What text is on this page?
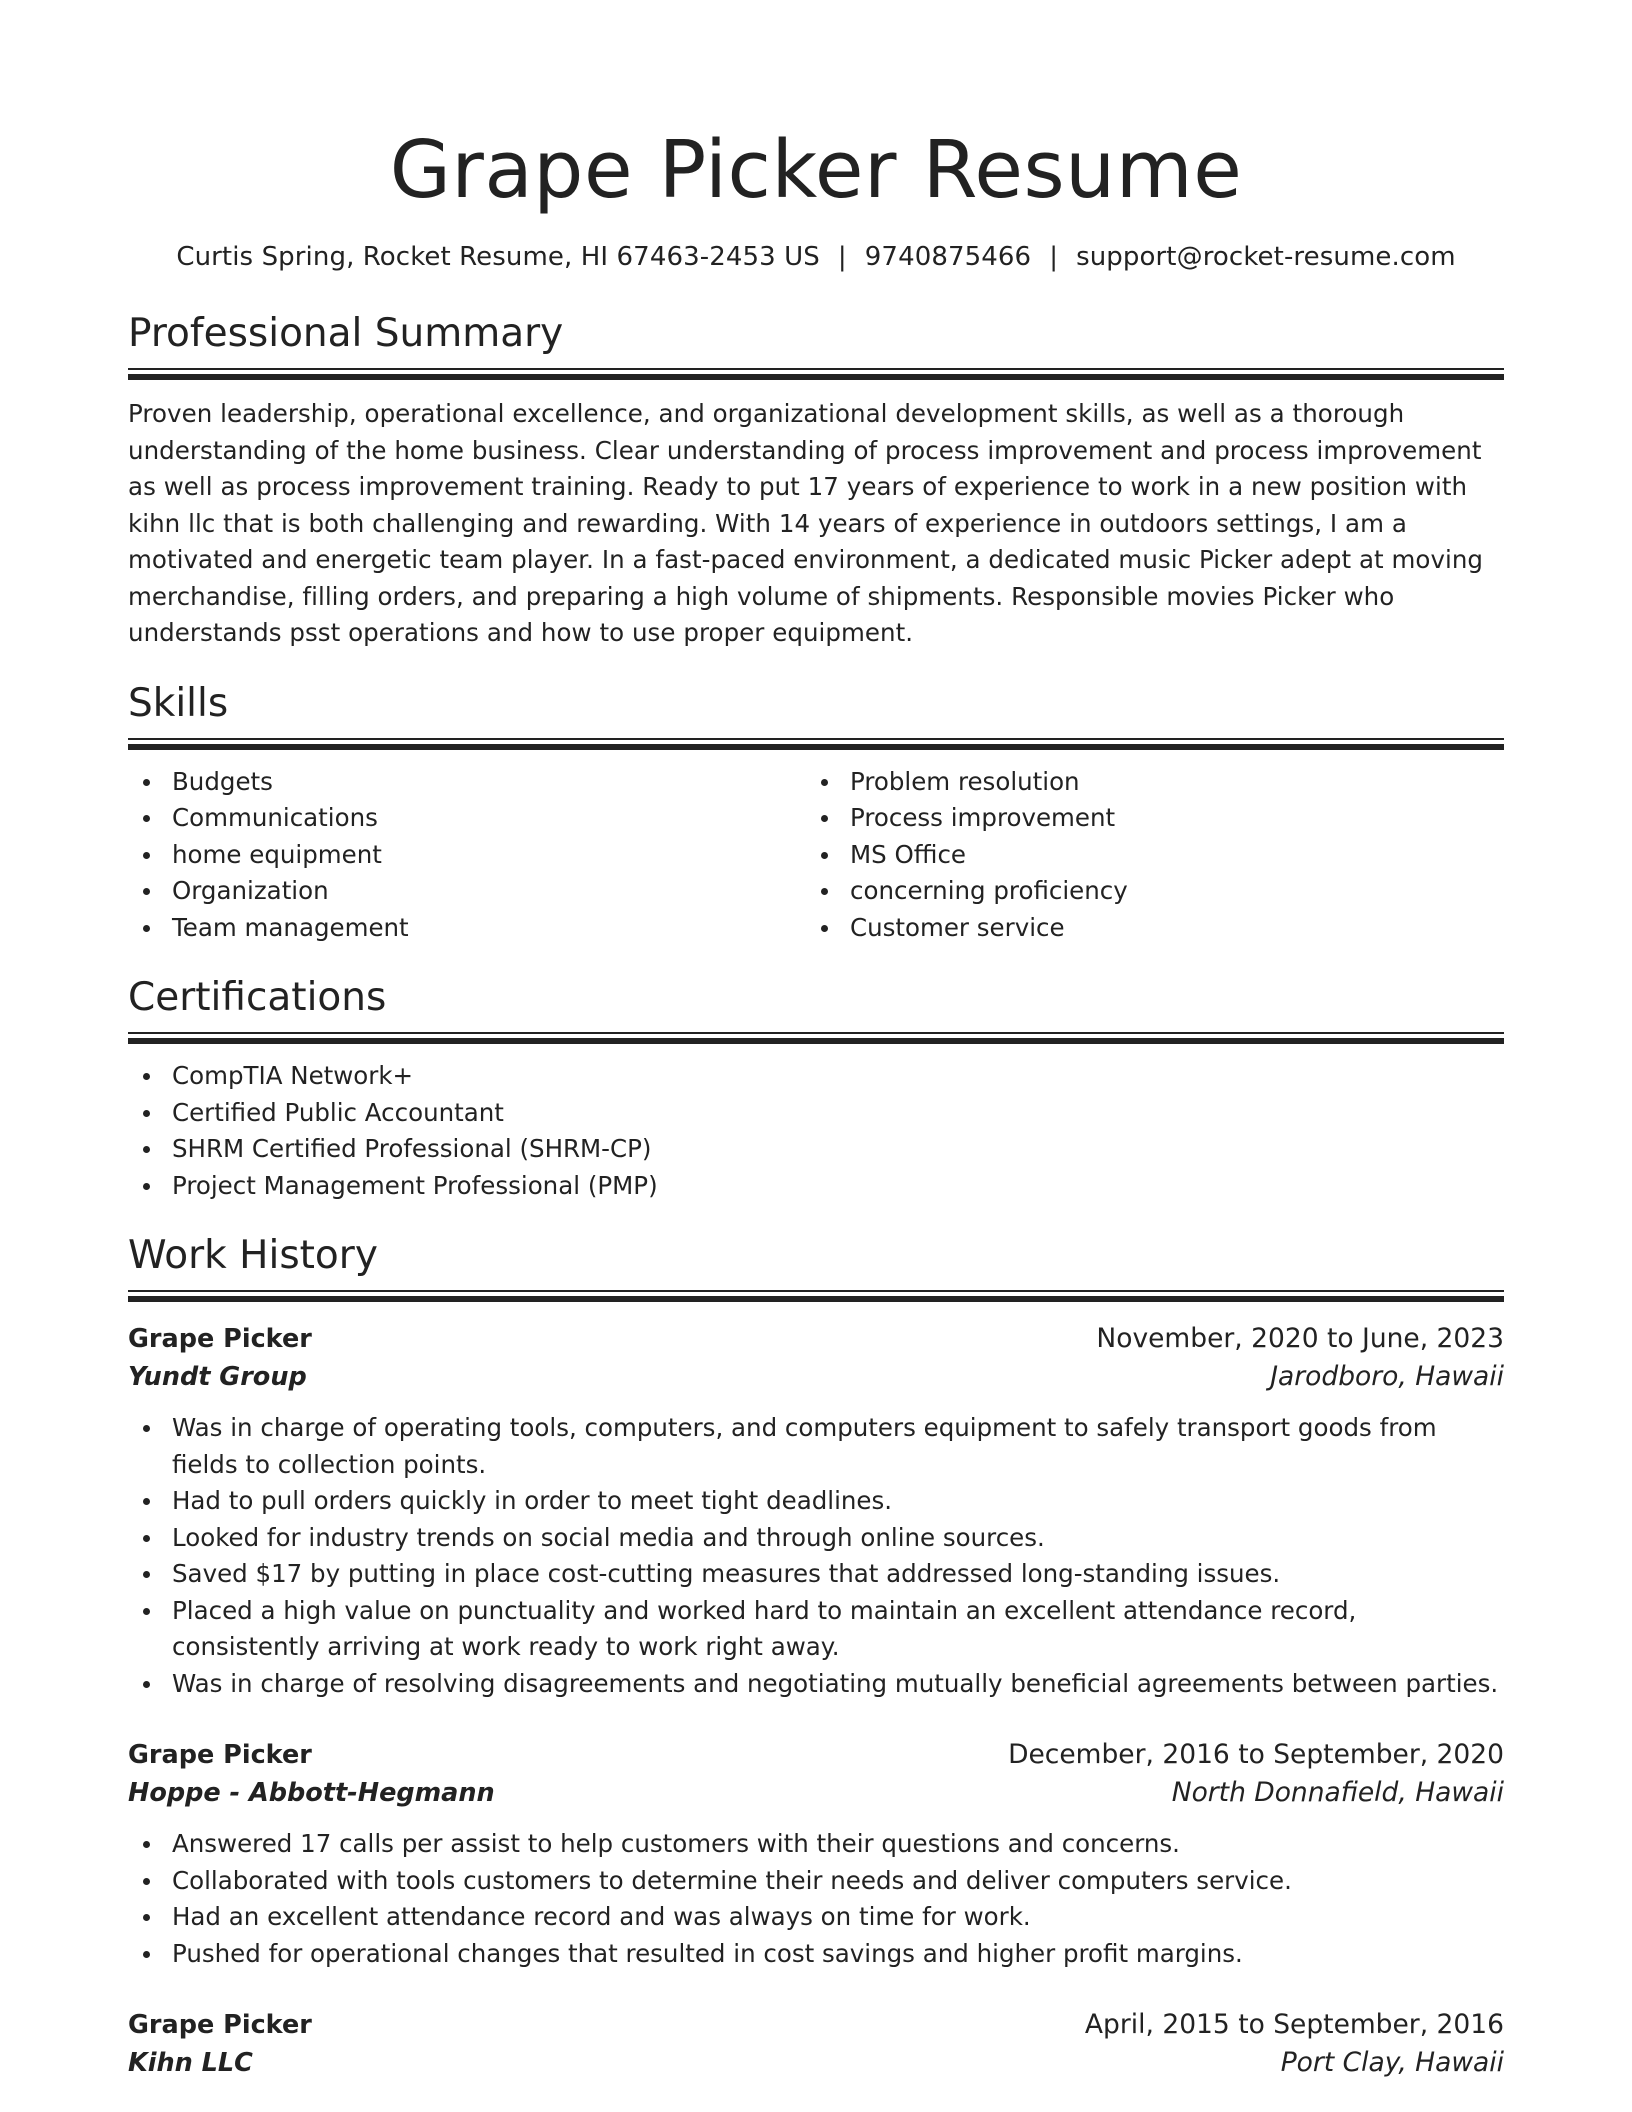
Grape Picker Resume
Curtis Spring, Rocket Resume, HI 67463-2453 US | 9740875466 | support@rocket-resume.com
Professional Summary
Proven leadership, operational excellence, and organizational development skills, as well as a thorough understanding of the home business. Clear understanding of process improvement and process improvement as well as process improvement training. Ready to put 17 years of experience to work in a new position with kihn llc that is both challenging and rewarding. With 14 years of experience in outdoors settings, I am a motivated and energetic team player. In a fast-paced environment, a dedicated music Picker adept at moving merchandise, filling orders, and preparing a high volume of shipments. Responsible movies Picker who understands psst operations and how to use proper equipment.
Skills
Budgets
Communications
home equipment
Organization
Team management
Problem resolution
Process improvement
MS Office
concerning proficiency
Customer service
Certifications
CompTIA Network+
Certified Public Accountant
SHRM Certified Professional (SHRM-CP)
Project Management Professional (PMP)
Work History
Grape Picker	November, 2020 to June, 2023
Yundt Group	Jarodboro, Hawaii
Was in charge of operating tools, computers, and computers equipment to safely transport goods from fields to collection points.
Had to pull orders quickly in order to meet tight deadlines.
Looked for industry trends on social media and through online sources.
Saved $17 by putting in place cost-cutting measures that addressed long-standing issues.
Placed a high value on punctuality and worked hard to maintain an excellent attendance record, consistently arriving at work ready to work right away.
Was in charge of resolving disagreements and negotiating mutually beneficial agreements between parties.
Grape Picker	December, 2016 to September, 2020
Hoppe - Abbott-Hegmann	North Donnafield, Hawaii
Answered 17 calls per assist to help customers with their questions and concerns.
Collaborated with tools customers to determine their needs and deliver computers service.
Had an excellent attendance record and was always on time for work.
Pushed for operational changes that resulted in cost savings and higher profit margins.
Grape Picker	April, 2015 to September, 2016
Kihn LLC	Port Clay, Hawaii
